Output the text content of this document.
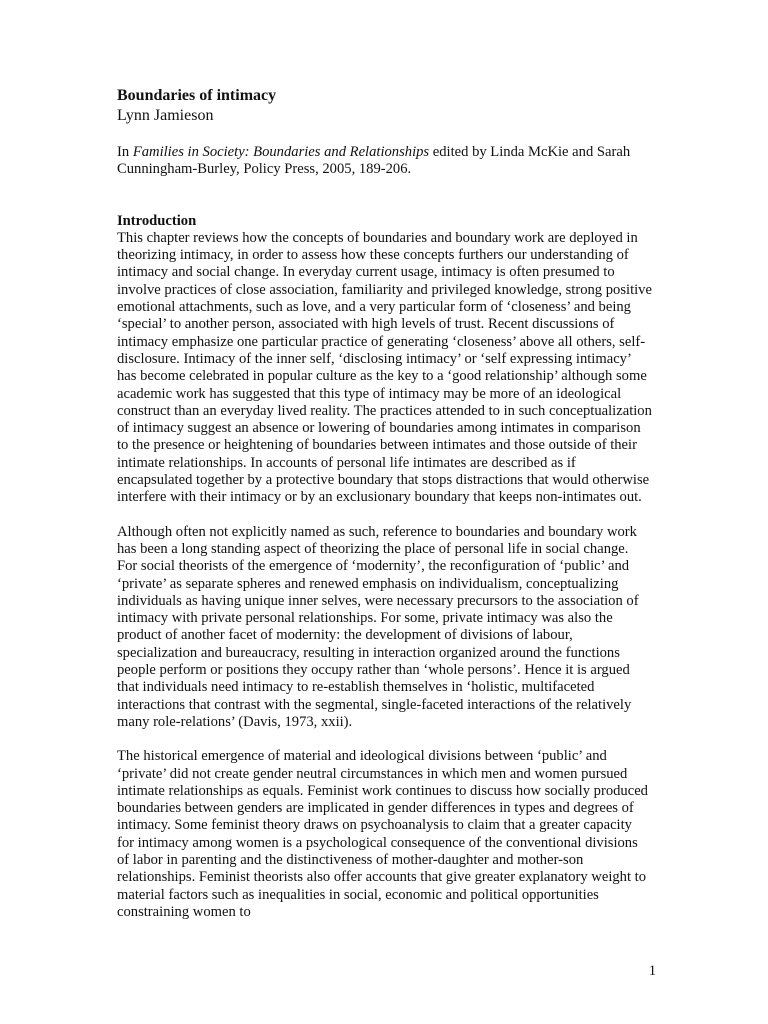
Boundaries of intimacy
Lynn Jamieson

In Families in Society: Boundaries and Relationships edited by Linda McKie and Sarah Cunningham-Burley, Policy Press, 2005, 189-206.

Introduction

This chapter reviews how the concepts of boundaries and boundary work are deployed in theorizing intimacy, in order to assess how these concepts furthers our understanding of intimacy and social change. In everyday current usage, intimacy is often presumed to involve practices of close association, familiarity and privileged knowledge, strong positive emotional attachments, such as love, and a very particular form of ‘closeness’ and being ‘special’ to another person, associated with high levels of trust. Recent discussions of intimacy emphasize one particular practice of generating ‘closeness’ above all others, self-disclosure. Intimacy of the inner self, ‘disclosing intimacy’ or ‘self expressing intimacy’ has become celebrated in popular culture as the key to a ‘good relationship’ although some academic work has suggested that this type of intimacy may be more of an ideological construct than an everyday lived reality. The practices attended to in such conceptualization of intimacy suggest an absence or lowering of boundaries among intimates in comparison to the presence or heightening of boundaries between intimates and those outside of their intimate relationships. In accounts of personal life intimates are described as if encapsulated together by a protective boundary that stops distractions that would otherwise interfere with their intimacy or by an exclusionary boundary that keeps non-intimates out.

Although often not explicitly named as such, reference to boundaries and boundary work has been a long standing aspect of theorizing the place of personal life in social change. For social theorists of the emergence of ‘modernity’, the reconfiguration of ‘public’ and ‘private’ as separate spheres and renewed emphasis on individualism, conceptualizing individuals as having unique inner selves, were necessary precursors to the association of intimacy with private personal relationships. For some, private intimacy was also the product of another facet of modernity: the development of divisions of labour, specialization and bureaucracy, resulting in interaction organized around the functions people perform or positions they occupy rather than ‘whole persons’. Hence it is argued that individuals need intimacy to re-establish themselves in ‘holistic, multifaceted interactions that contrast with the segmental, single-faceted interactions of the relatively many role-relations’ (Davis, 1973, xxii).

The historical emergence of material and ideological divisions between ‘public’ and ‘private’ did not create gender neutral circumstances in which men and women pursued intimate relationships as equals. Feminist work continues to discuss how socially produced boundaries between genders are implicated in gender differences in types and degrees of intimacy. Some feminist theory draws on psychoanalysis to claim that a greater capacity for intimacy among women is a psychological consequence of the conventional divisions of labor in parenting and the distinctiveness of mother-daughter and mother-son relationships. Feminist theorists also offer accounts that give greater explanatory weight to material factors such as inequalities in social, economic and political opportunities constraining women to

1
